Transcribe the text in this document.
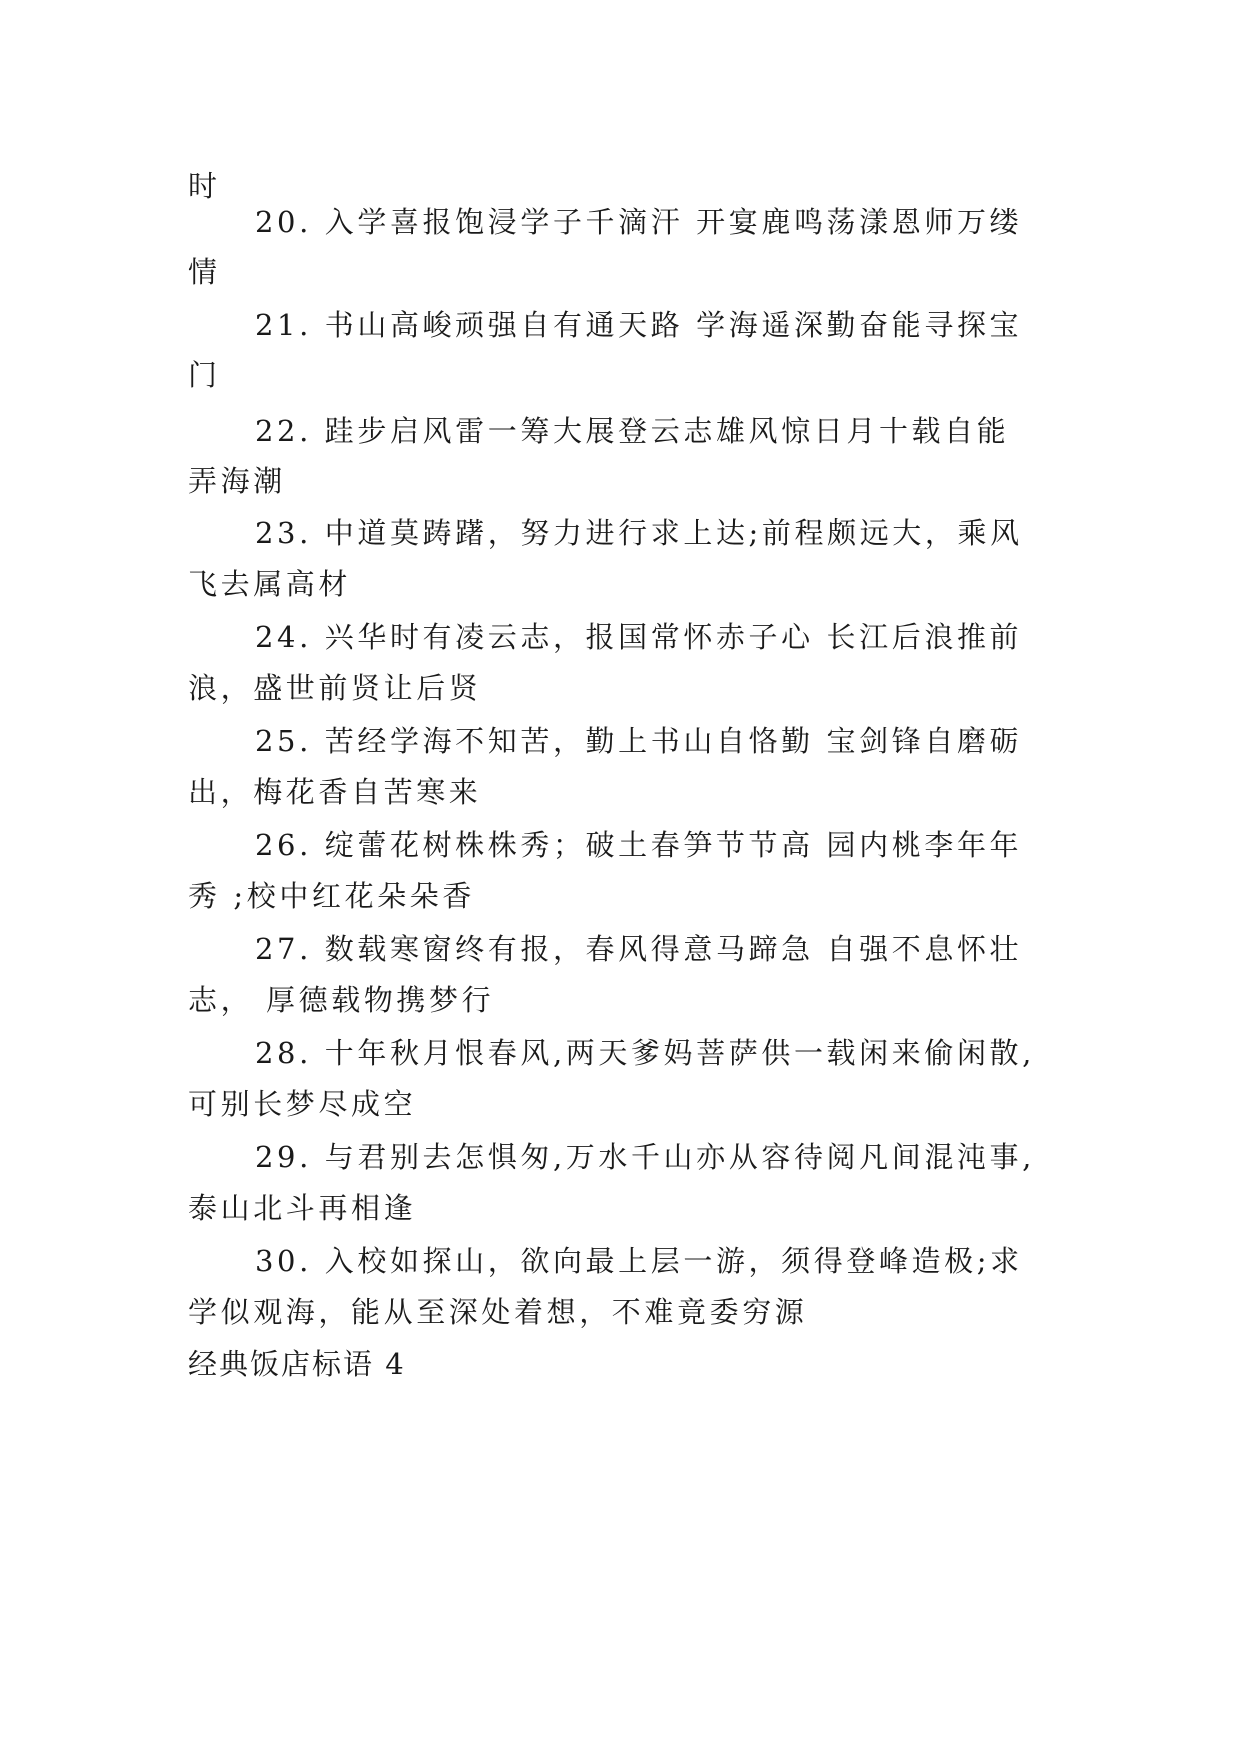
时
20. 入学喜报饱浸学子千滴汗 开宴鹿鸣荡漾恩师万缕
情
21. 书山高峻顽强自有通天路 学海遥深勤奋能寻探宝
门
22. 跬步启风雷一筹大展登云志雄风惊日月十载自能
弄海潮
23. 中道莫踌躇，努力进行求上达;前程颇远大，乘风
飞去属高材
24. 兴华时有凌云志，报国常怀赤子心 长江后浪推前
浪，盛世前贤让后贤
25. 苦经学海不知苦，勤上书山自恪勤 宝剑锋自磨砺
出，梅花香自苦寒来
26. 绽蕾花树株株秀；破土春笋节节高 园内桃李年年
秀 ;校中红花朵朵香
27. 数载寒窗终有报，春风得意马蹄急 自强不息怀壮
志， 厚德载物携梦行
28. 十年秋月恨春风,两天爹妈菩萨供一载闲来偷闲散,
可别长梦尽成空
29. 与君别去怎惧匆,万水千山亦从容待阅凡间混沌事,
泰山北斗再相逢
30. 入校如探山，欲向最上层一游，须得登峰造极;求
学似观海，能从至深处着想，不难竟委穷源
经典饭店标语 4
